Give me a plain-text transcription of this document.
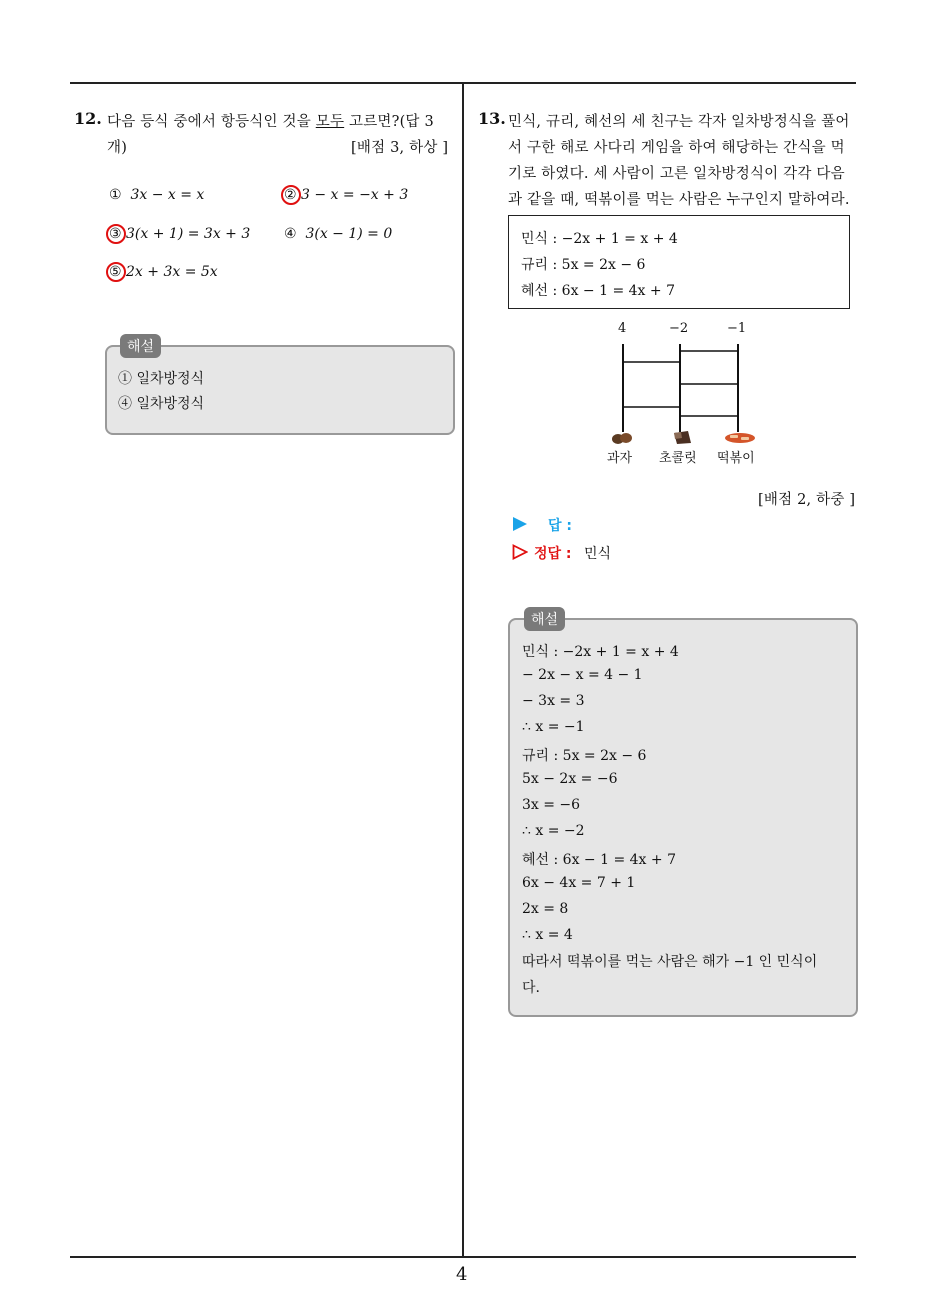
4
12. 다음 등식 중에서 항등식인 것을 모두 고르면?(답 3
개)	[배점 3, 하상 ]
① 3x − x = x	② 3 − x = −x + 3
③ 3(x + 1) = 3x + 3 ④ 3(x − 1) = 0
⑤ 2x + 3x = 5x
해설
① 일차방정식
④ 일차방정식
13. 민식, 규리, 혜선의 세 친구는 각자 일차방정식을 풀어
서 구한 해로 사다리 게임을 하여 해당하는 간식을 먹
기로 하였다. 세 사람이 고른 일차방정식이 각각 다음
과 같을 때, 떡볶이를 먹는 사람은 누구인지 말하여라.
민식 : −2x + 1 = x + 4
규리 : 5x = 2x − 6
혜선 : 6x − 1 = 4x + 7
4	−2	−1
과자 초콜릿 떡볶이
[배점 2, 하중 ]
답 :
정답 : 민식
해설
민식 : −2x + 1 = x + 4
− 2x − x = 4 − 1
− 3x = 3
∴ x = −1
규리 : 5x = 2x − 6
5x − 2x = −6
3x = −6
∴ x = −2
혜선 : 6x − 1 = 4x + 7
6x − 4x = 7 + 1
2x = 8
∴ x = 4
따라서 떡볶이를 먹는 사람은 해가 −1 인 민식이
다.
